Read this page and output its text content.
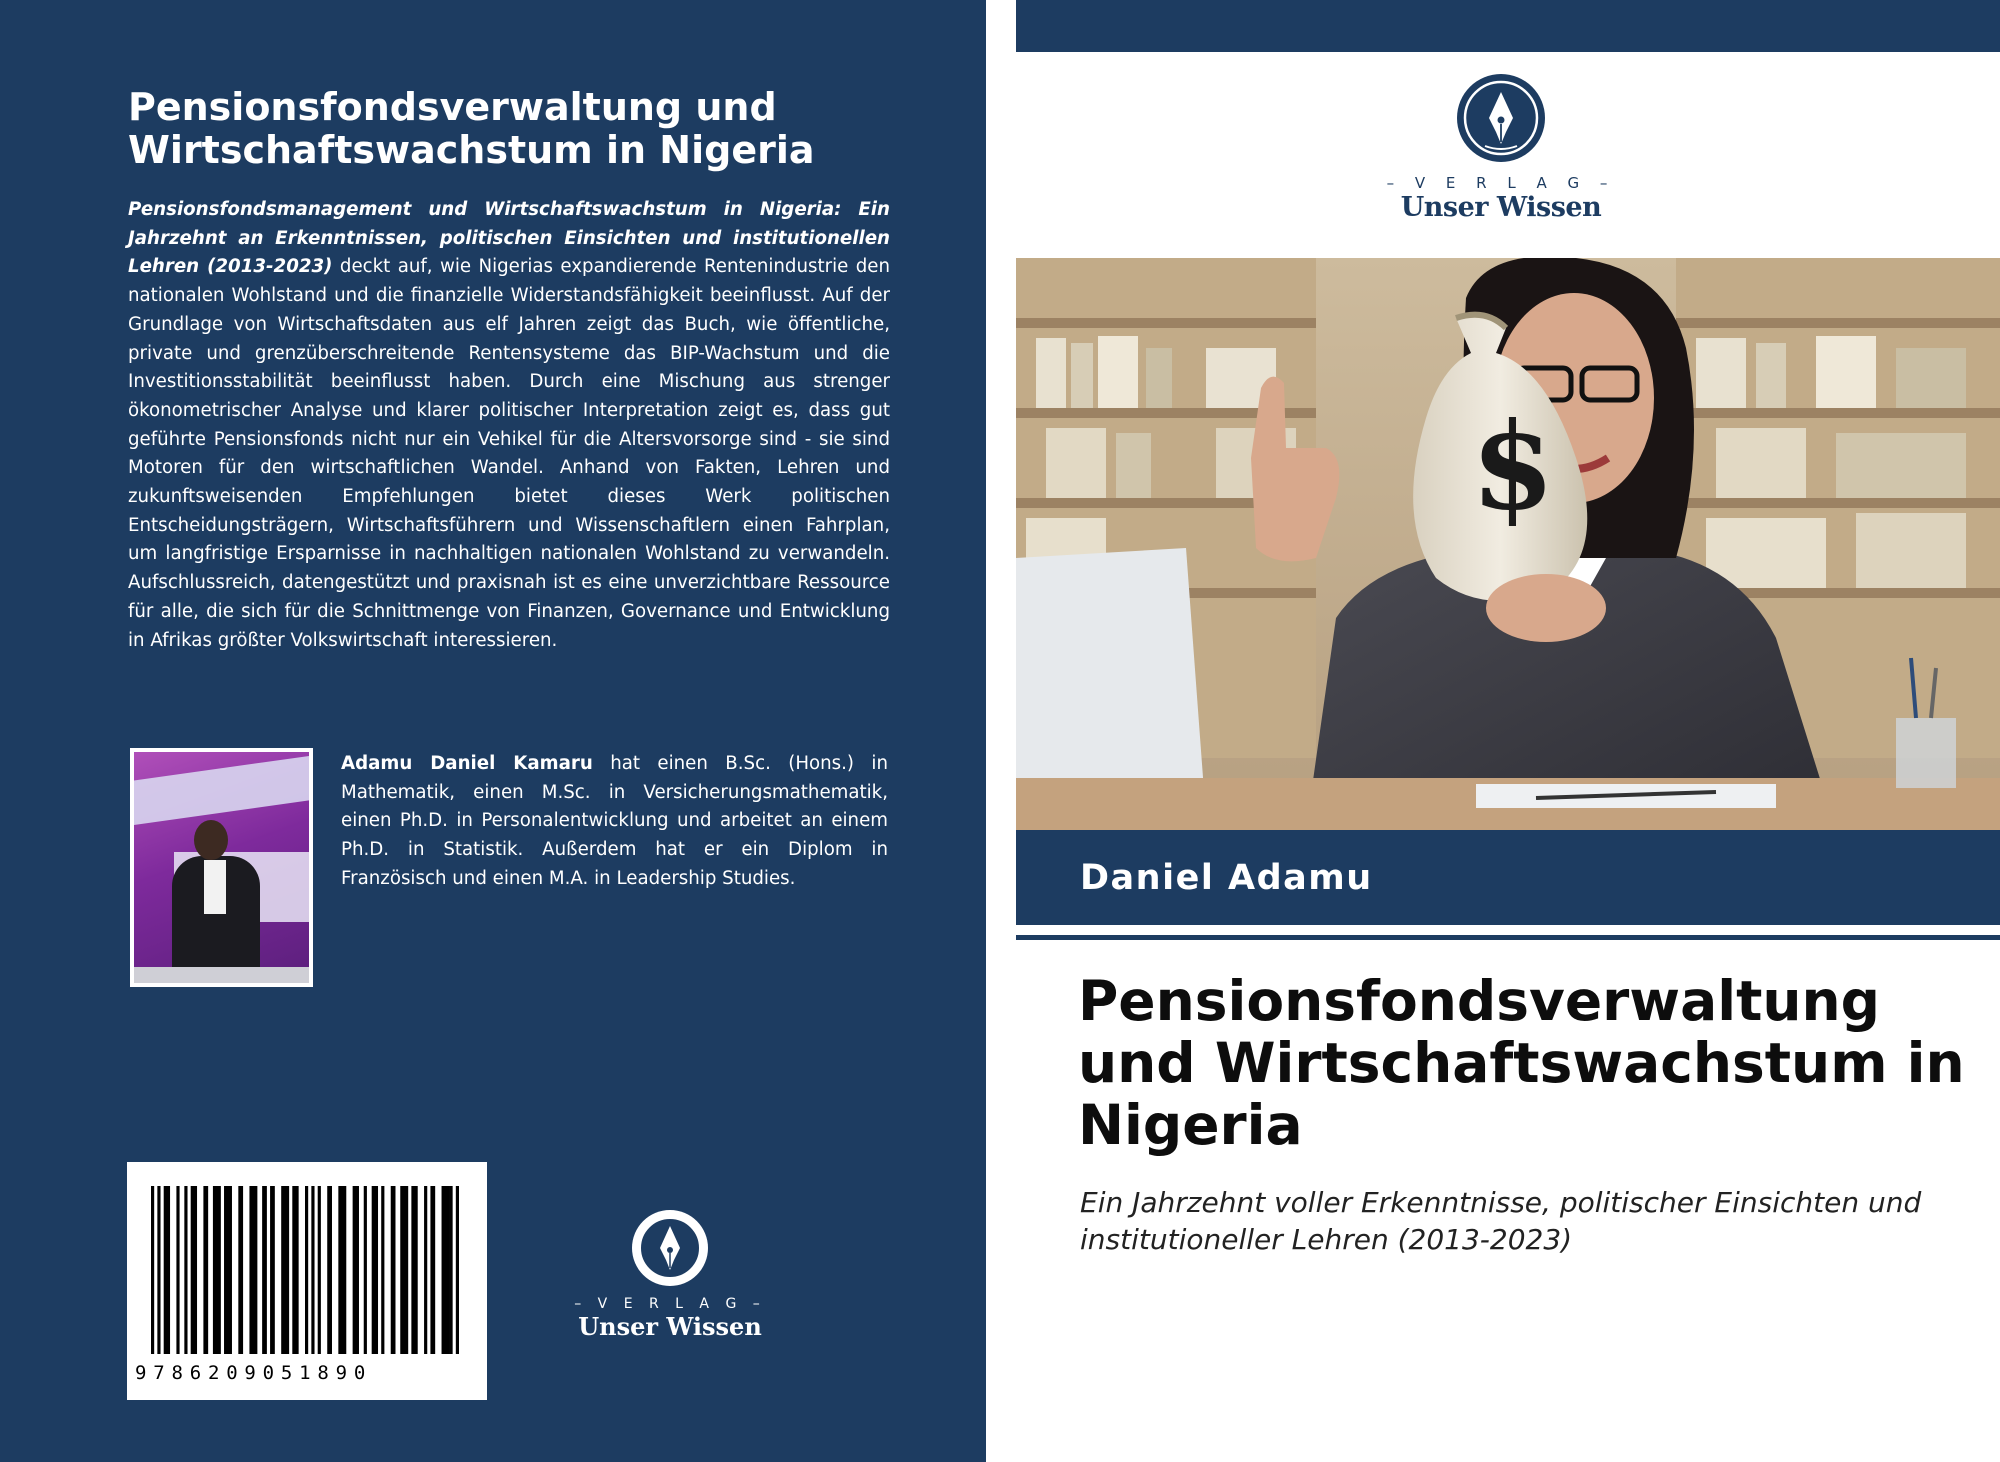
Pensionsfondsverwaltung und Wirtschaftswachstum in Nigeria

Pensionsfondsmanagement und Wirtschaftswachstum in Nigeria: Ein Jahrzehnt an Erkenntnissen, politischen Einsichten und institutionellen Lehren (2013-2023) deckt auf, wie Nigerias expandierende Rentenindustrie den nationalen Wohlstand und die finanzielle Widerstandsfähigkeit beeinflusst. Auf der Grundlage von Wirtschaftsdaten aus elf Jahren zeigt das Buch, wie öffentliche, private und grenzüberschreitende Rentensysteme das BIP-Wachstum und die Investitionsstabilität beeinflusst haben. Durch eine Mischung aus strenger ökonometrischer Analyse und klarer politischer Interpretation zeigt es, dass gut geführte Pensionsfonds nicht nur ein Vehikel für die Altersvorsorge sind - sie sind Motoren für den wirtschaftlichen Wandel. Anhand von Fakten, Lehren und zukunftsweisenden Empfehlungen bietet dieses Werk politischen Entscheidungsträgern, Wirtschaftsführern und Wissenschaftlern einen Fahrplan, um langfristige Ersparnisse in nachhaltigen nationalen Wohlstand zu verwandeln. Aufschlussreich, datengestützt und praxisnah ist es eine unverzichtbare Ressource für alle, die sich für die Schnittmenge von Finanzen, Governance und Entwicklung in Afrikas größter Volkswirtschaft interessieren.

Adamu Daniel Kamaru hat einen B.Sc. (Hons.) in Mathematik, einen M.Sc. in Versicherungsmathematik, einen Ph.D. in Personalentwicklung und arbeitet an einem Ph.D. in Statistik. Außerdem hat er ein Diplom in Französisch und einen M.A. in Leadership Studies.

9786209051890
– V E R L A G –
Unser Wissen
– V E R L A G –
Unser Wissen
$
Daniel Adamu
Pensionsfondsverwaltung und Wirtschaftswachstum in Nigeria

Ein Jahrzehnt voller Erkenntnisse, politischer Einsichten und institutioneller Lehren (2013-2023)
